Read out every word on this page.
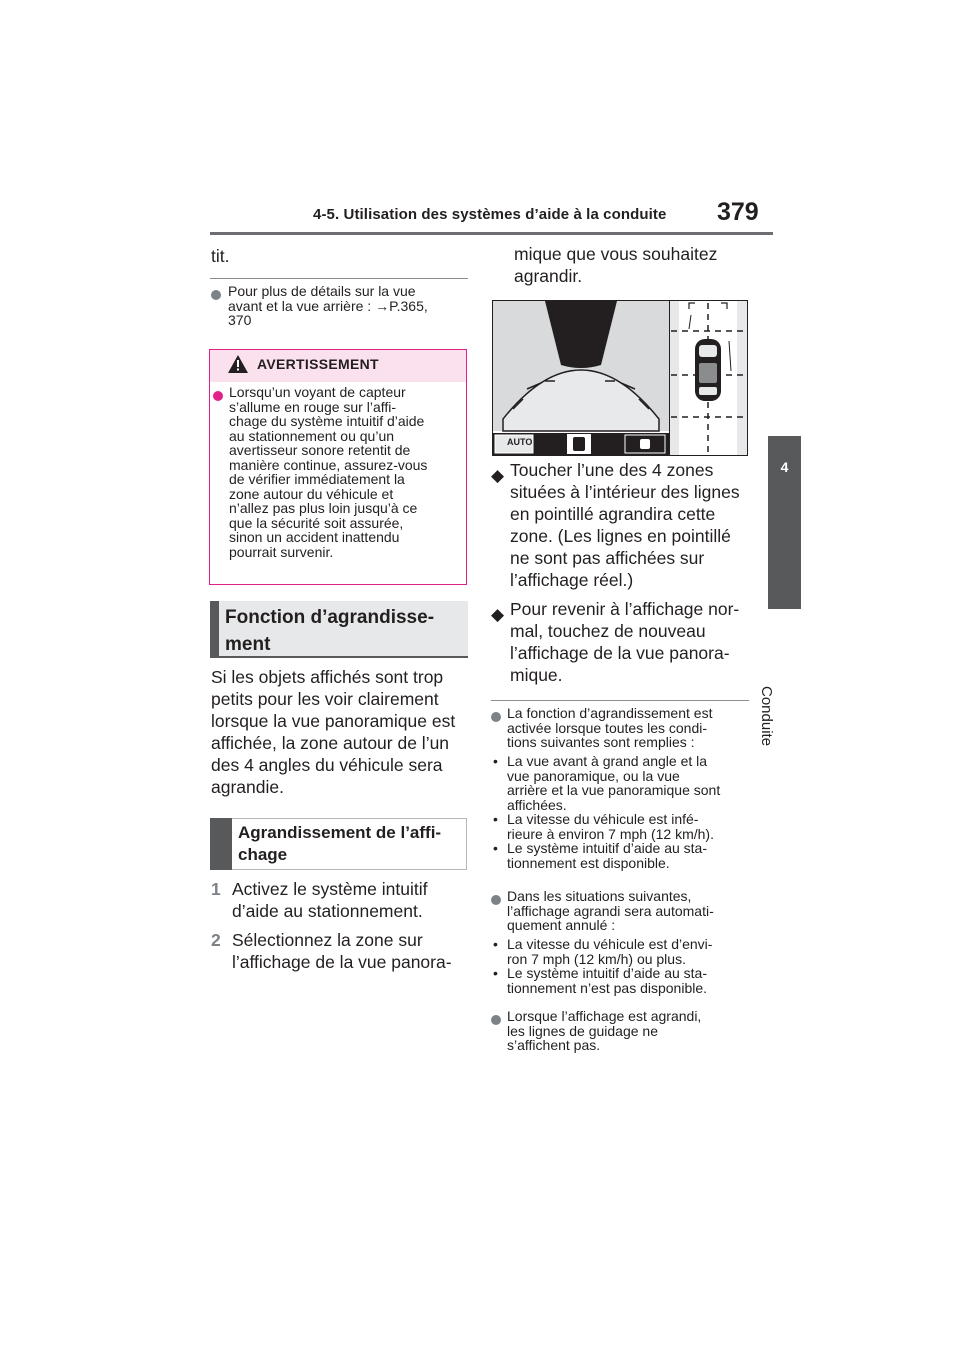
4-5. Utilisation des systèmes d’aide à la conduite 379
4
Conduite
tit.
Pour plus de détails sur la vue
avant et la vue arrière : →P.365,
370
AVERTISSEMENT
Lorsqu’un voyant de capteur
s’allume en rouge sur l’affi-
chage du système intuitif d’aide
au stationnement ou qu’un
avertisseur sonore retentit de
manière continue, assurez-vous
de vérifier immédiatement la
zone autour du véhicule et
n’allez pas plus loin jusqu’à ce
que la sécurité soit assurée,
sinon un accident inattendu
pourrait survenir.
Fonction d’agrandisse-
ment
Si les objets affichés sont trop
petits pour les voir clairement
lorsque la vue panoramique est
affichée, la zone autour de l’un
des 4 angles du véhicule sera
agrandie.
Agrandissement de l’affi-
chage
1 Activez le système intuitif
d’aide au stationnement.
2 Sélectionnez la zone sur
l’affichage de la vue panora-
mique que vous souhaitez
agrandir.
AUTO
◆ Toucher l’une des 4 zones
situées à l’intérieur des lignes
en pointillé agrandira cette
zone. (Les lignes en pointillé
ne sont pas affichées sur
l’affichage réel.)
◆ Pour revenir à l’affichage nor-
mal, touchez de nouveau
l’affichage de la vue panora-
mique.
La fonction d’agrandissement est
activée lorsque toutes les condi-
tions suivantes sont remplies :
• La vue avant à grand angle et la
vue panoramique, ou la vue
arrière et la vue panoramique sont
affichées.
• La vitesse du véhicule est infé-
rieure à environ 7 mph (12 km/h).
• Le système intuitif d’aide au sta-
tionnement est disponible.
Dans les situations suivantes,
l’affichage agrandi sera automati-
quement annulé :
• La vitesse du véhicule est d’envi-
ron 7 mph (12 km/h) ou plus.
• Le système intuitif d’aide au sta-
tionnement n’est pas disponible.
Lorsque l’affichage est agrandi,
les lignes de guidage ne
s’affichent pas.
